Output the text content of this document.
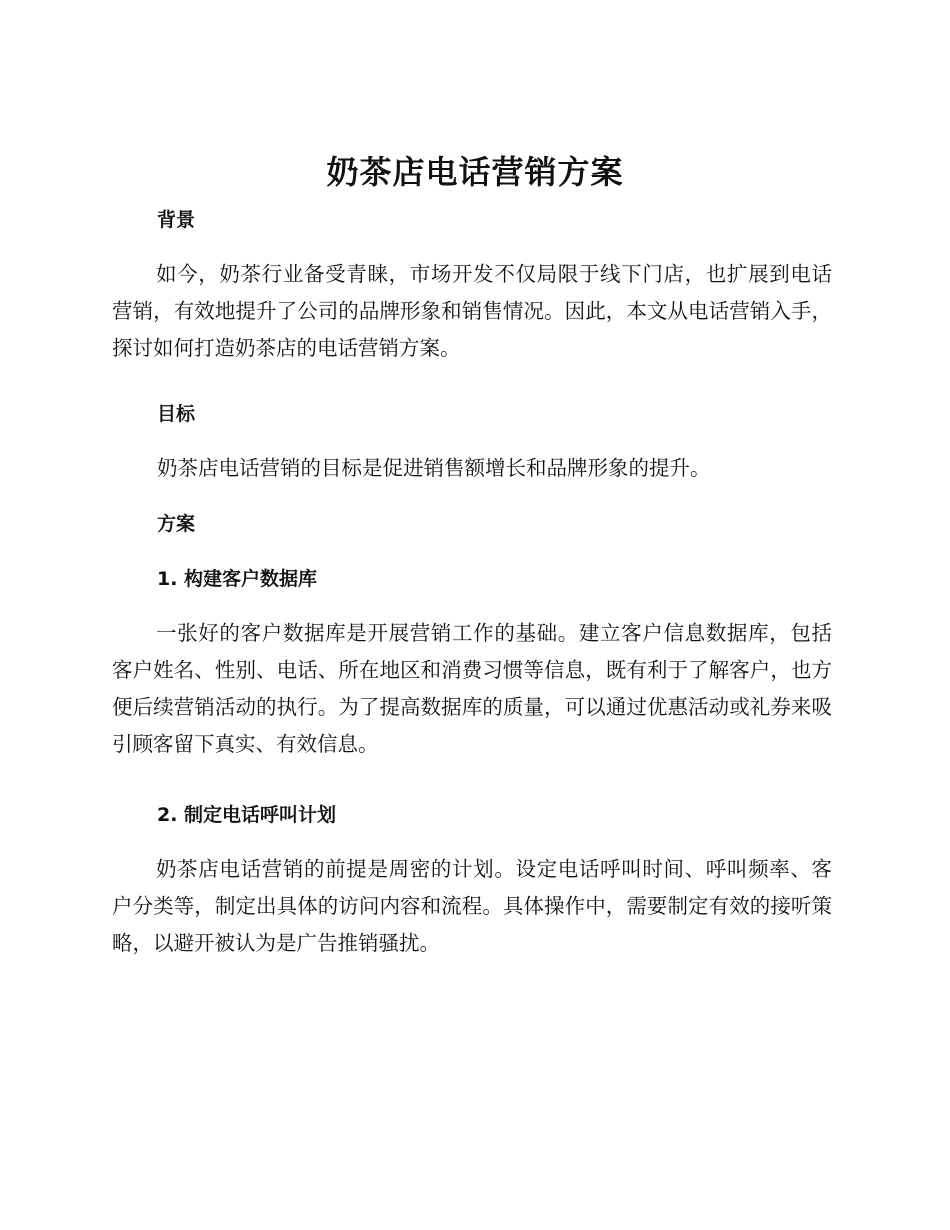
奶茶店电话营销方案
背景
如今，奶茶行业备受青睐，市场开发不仅局限于线下门店，也扩展到电话营销，有效地提升了公司的品牌形象和销售情况。因此，本文从电话营销入手，探讨如何打造奶茶店的电话营销方案。
目标
奶茶店电话营销的目标是促进销售额增长和品牌形象的提升。
方案
1. 构建客户数据库
一张好的客户数据库是开展营销工作的基础。建立客户信息数据库，包括客户姓名、性别、电话、所在地区和消费习惯等信息，既有利于了解客户，也方便后续营销活动的执行。为了提高数据库的质量，可以通过优惠活动或礼券来吸引顾客留下真实、有效信息。
2. 制定电话呼叫计划
奶茶店电话营销的前提是周密的计划。设定电话呼叫时间、呼叫频率、客户分类等，制定出具体的访问内容和流程。具体操作中，需要制定有效的接听策略，以避开被认为是广告推销骚扰。
